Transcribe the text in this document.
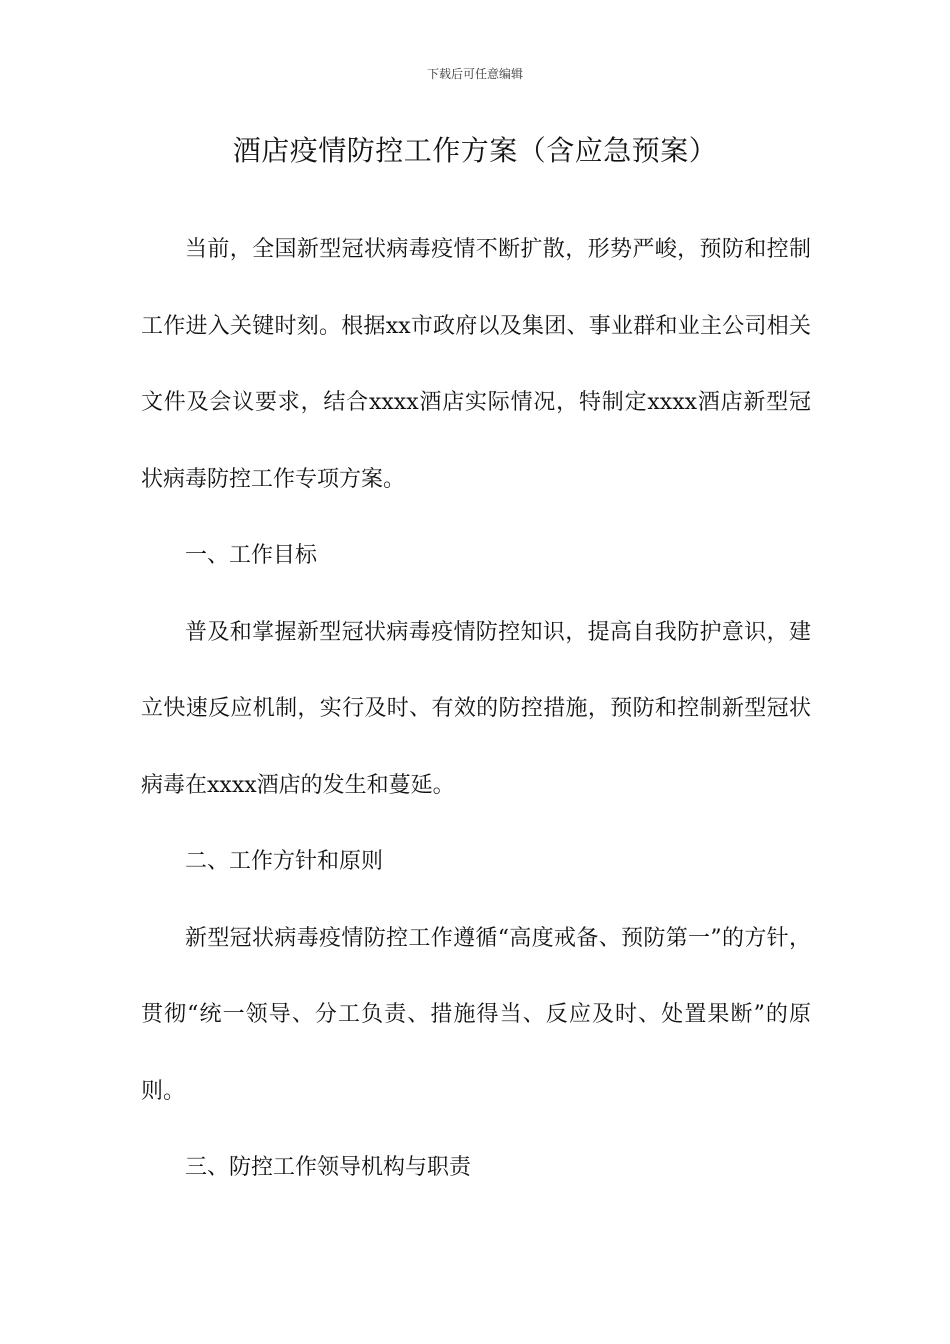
下载后可任意编辑
酒店疫情防控工作方案（含应急预案）

当前，全国新型冠状病毒疫情不断扩散，形势严峻，预防和控制工作进入关键时刻。根据xx市政府以及集团、事业群和业主公司相关文件及会议要求，结合xxxx酒店实际情况，特制定xxxx酒店新型冠状病毒防控工作专项方案。

一、工作目标

普及和掌握新型冠状病毒疫情防控知识，提高自我防护意识，建立快速反应机制，实行及时、有效的防控措施，预防和控制新型冠状病毒在xxxx酒店的发生和蔓延。

二、工作方针和原则

新型冠状病毒疫情防控工作遵循“高度戒备、预防第一”的方针，贯彻“统一领导、分工负责、措施得当、反应及时、处置果断”的原则。

三、防控工作领导机构与职责
